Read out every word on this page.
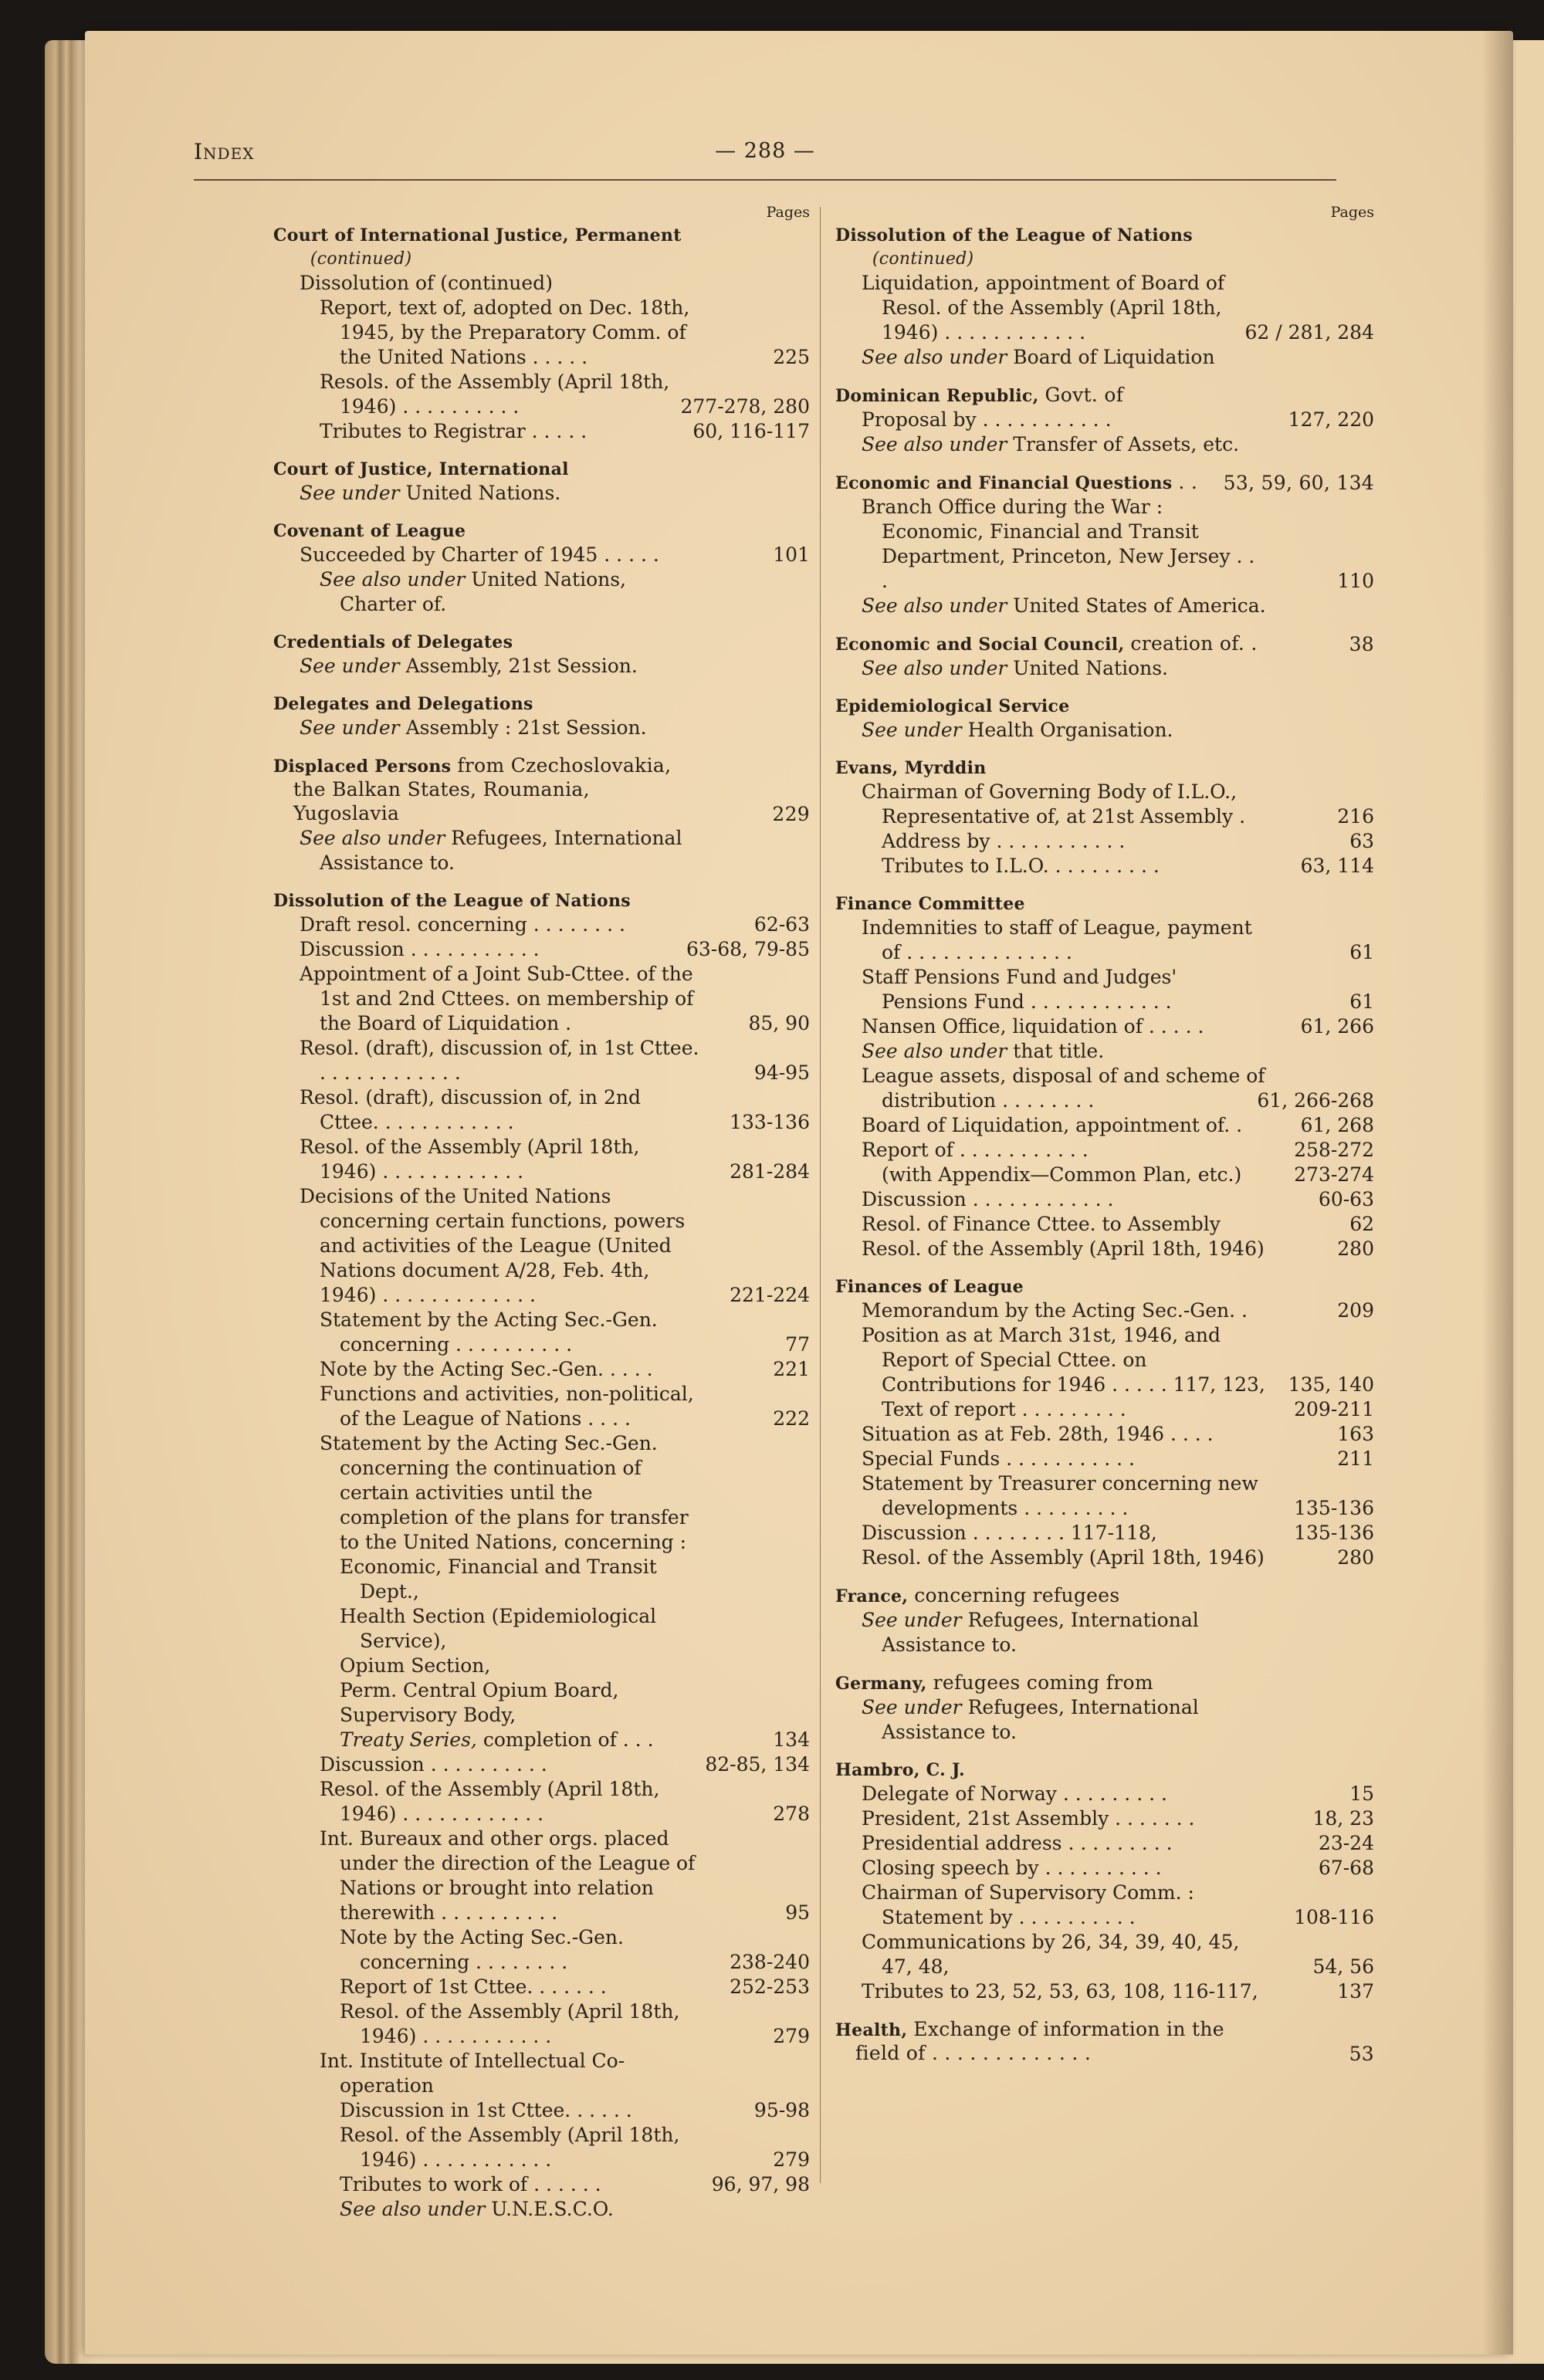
Index	— 288 —
Pages
Court of International Justice, Permanent
(continued)
Dissolution of (continued)
Report, text of, adopted on Dec. 18th, 1945, by the Preparatory Comm. of the United Nations . . . . .	225
Resols. of the Assembly (April 18th, 1946) . . . . . . . . . .	277-278, 280
Tributes to Registrar . . . . .	60, 116-117
Court of Justice, International
See under United Nations.
Covenant of League
Succeeded by Charter of 1945 . . . . .	101
See also under United Nations, Charter of.
Credentials of Delegates
See under Assembly, 21st Session.
Delegates and Delegations
See under Assembly : 21st Session.
Displaced Persons from Czechoslovakia, the Balkan States, Roumania, Yugoslavia	229
See also under Refugees, International Assistance to.
Dissolution of the League of Nations
Draft resol. concerning . . . . . . . .	62-63
Discussion . . . . . . . . . . .	63-68, 79-85
Appointment of a Joint Sub-Cttee. of the 1st and 2nd Cttees. on membership of the Board of Liquidation .	85, 90
Resol. (draft), discussion of, in 1st Cttee. . . . . . . . . . . . .	94-95
Resol. (draft), discussion of, in 2nd Cttee. . . . . . . . . . . .	133-136
Resol. of the Assembly (April 18th, 1946) . . . . . . . . . . . .	281-284
Decisions of the United Nations concerning certain functions, powers and activities of the League (United Nations document A/28, Feb. 4th, 1946) . . . . . . . . . . . . .	221-224
Statement by the Acting Sec.-Gen. concerning . . . . . . . . . .	77
Note by the Acting Sec.-Gen. . . . .	221
Functions and activities, non-political, of the League of Nations . . . .	222
Statement by the Acting Sec.-Gen. concerning the continuation of certain activities until the completion of the plans for transfer to the United Nations, concerning :
Economic, Financial and Transit Dept.,
Health Section (Epidemiological Service),
Opium Section,
Perm. Central Opium Board,
Supervisory Body,
Treaty Series, completion of . . .	134
Discussion . . . . . . . . . .	82-85, 134
Resol. of the Assembly (April 18th, 1946) . . . . . . . . . . . .	278
Int. Bureaux and other orgs. placed under the direction of the League of Nations or brought into relation therewith . . . . . . . . . .	95
Note by the Acting Sec.-Gen. concerning . . . . . . . .	238-240
Report of 1st Cttee. . . . . . .	252-253
Resol. of the Assembly (April 18th, 1946) . . . . . . . . . . .	279
Int. Institute of Intellectual Co-operation
Discussion in 1st Cttee. . . . . .	95-98
Resol. of the Assembly (April 18th, 1946) . . . . . . . . . . .	279
Tributes to work of . . . . . .	96, 97, 98
See also under U.N.E.S.C.O.
Pages
Dissolution of the League of Nations
(continued)
Liquidation, appointment of Board of Resol. of the Assembly (April 18th, 1946) . . . . . . . . . . . .	62 / 281, 284
See also under Board of Liquidation
Dominican Republic, Govt. of
Proposal by . . . . . . . . . . .	127, 220
See also under Transfer of Assets, etc.
Economic and Financial Questions . .	53, 59, 60, 134
Branch Office during the War : Economic, Financial and Transit Department, Princeton, New Jersey . . .	110
See also under United States of America.
Economic and Social Council, creation of. .	38
See also under United Nations.
Epidemiological Service
See under Health Organisation.
Evans, Myrddin
Chairman of Governing Body of I.L.O., Representative of, at 21st Assembly .	216
Address by . . . . . . . . . . .	63
Tributes to I.L.O. . . . . . . . . .	63, 114
Finance Committee
Indemnities to staff of League, payment of . . . . . . . . . . . . . .	61
Staff Pensions Fund and Judges' Pensions Fund . . . . . . . . . . . .	61
Nansen Office, liquidation of . . . . .	61, 266
See also under that title.
League assets, disposal of and scheme of distribution . . . . . . . .	61, 266-268
Board of Liquidation, appointment of. .	61, 268
Report of . . . . . . . . . . .	258-272
(with Appendix—Common Plan, etc.)	273-274
Discussion . . . . . . . . . . . .	60-63
Resol. of Finance Cttee. to Assembly	62
Resol. of the Assembly (April 18th, 1946)	280
Finances of League
Memorandum by the Acting Sec.-Gen. .	209
Position as at March 31st, 1946, and Report of Special Cttee. on Contributions for 1946 . . . . . 117, 123, 135, 140
Text of report . . . . . . . . .	209-211
Situation as at Feb. 28th, 1946 . . . .	163
Special Funds . . . . . . . . . . .	211
Statement by Treasurer concerning new developments . . . . . . . . .	135-136
Discussion . . . . . . . . 117-118,	135-136
Resol. of the Assembly (April 18th, 1946)	280
France, concerning refugees
See under Refugees, International Assistance to.
Germany, refugees coming from
See under Refugees, International Assistance to.
Hambro, C. J.
Delegate of Norway . . . . . . . . .	15
President, 21st Assembly . . . . . . .	18, 23
Presidential address . . . . . . . . .	23-24
Closing speech by . . . . . . . . . .	67-68
Chairman of Supervisory Comm. :
Statement by . . . . . . . . . .	108-116
Communications by 26, 34, 39, 40, 45, 47, 48,	54, 56
Tributes to 23, 52, 53, 63, 108, 116-117,	137
Health, Exchange of information in the field of . . . . . . . . . . . . .	53
